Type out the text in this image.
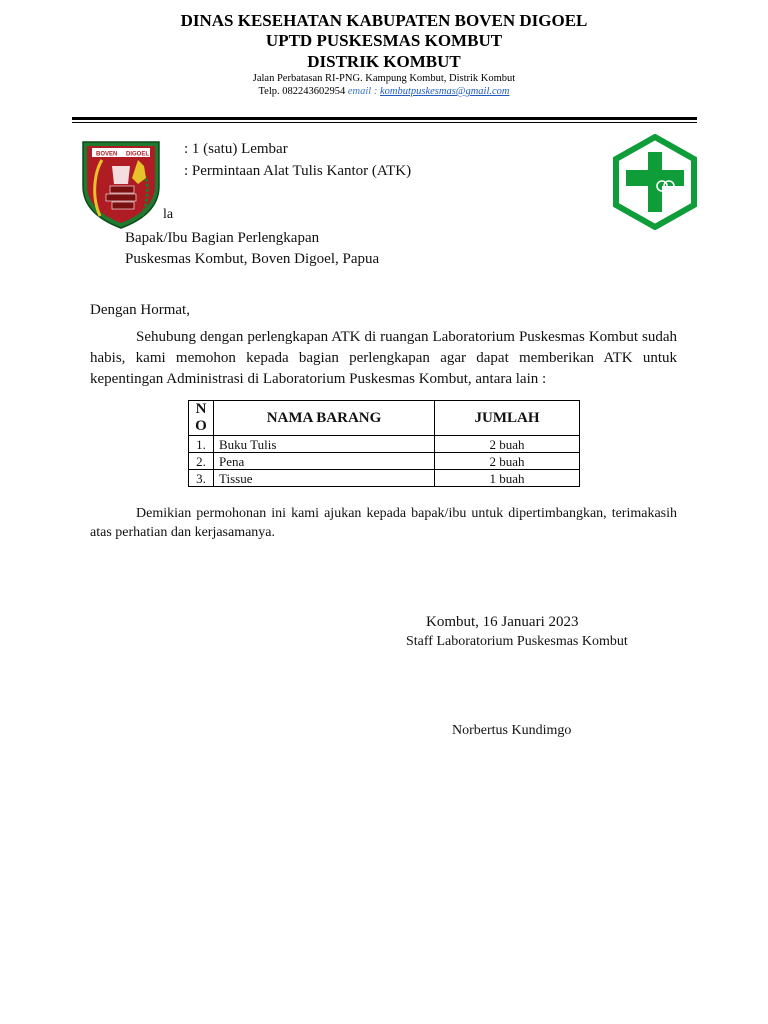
DINAS KESEHATAN KABUPATEN BOVEN DIGOEL
UPTD PUSKESMAS KOMBUT
DISTRIK KOMBUT
Jalan Perbatasan RI-PNG. Kampung Kombut, Distrik Kombut
Telp. 082243602954 email : kombutpuskesmas@gmail.com
BOVEN DIGOEL : 1 (satu) Lembar
: Permintaan Alat Tulis Kantor (ATK)
la
Bapak/Ibu Bagian Perlengkapan
Puskesmas Kombut, Boven Digoel, Papua
Dengan Hormat,
Sehubung dengan perlengkapan ATK di ruangan Laboratorium Puskesmas Kombut sudah habis, kami memohon kepada bagian perlengkapan agar dapat memberikan ATK untuk kepentingan Administrasi di Laboratorium Puskesmas Kombut, antara lain :
N
O	NAMA BARANG	JUMLAH
1.	Buku Tulis	2 buah
2.	Pena	2 buah
3.	Tissue	1 buah
Demikian permohonan ini kami ajukan kepada bapak/ibu untuk dipertimbangkan, terimakasih atas perhatian dan kerjasamanya.
Kombut, 16 Januari 2023
Staff Laboratorium Puskesmas Kombut
Norbertus Kundimgo
